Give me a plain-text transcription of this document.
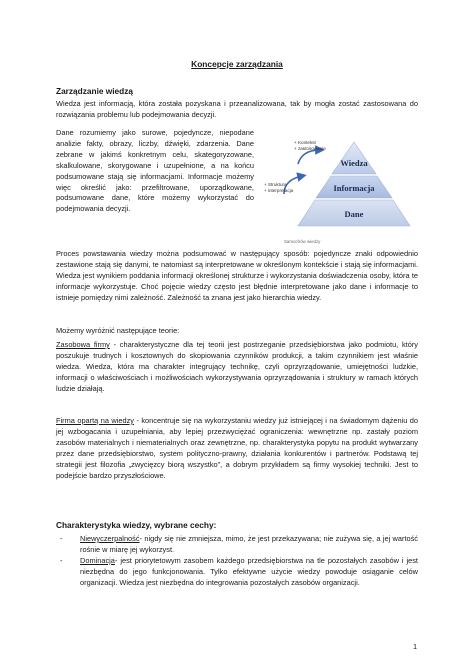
Koncepcje zarządzania
Zarządzanie wiedzą
Wiedza jest informacją, która została pozyskana i przeanalizowana, tak by mogła zostać zastosowana do rozwiązania problemu lub podejmowania decyzji.
Dane rozumiemy jako surowe, pojedyncze, niepodane analizie fakty, obrazy, liczby, dźwięki, zdarzenia. Dane zebrane w jakimś konkretnym celu, skategoryzowane, skalkulowane, skorygowane i uzupełnione, a na końcu podsumowane stają się informacjami. Informacje możemy więc określić jako: przefiltrowane, uporządkowane, podsumowane dane, które możemy wykorzystać do podejmowania decyzji.
Wiedza
Informacja
Dane
+ Kontekst
+ zastosowanie
+ Struktura
+ interpretacja
Samochów wiedzy
Proces powstawania wiedzy można podsumować w następujący sposób: pojedyncze znaki odpowiednio zestawione stają się danymi, te natomiast są interpretowane w określonym kontekście i stają się informacjami. Wiedza jest wynikiem poddania informacji określonej strukturze i wykorzystania doświadczenia osoby, która te informacje wykorzystuje. Choć pojęcie wiedzy często jest błędnie interpretowane jako dane i informacje to istnieje pomiędzy nimi zależność. Zależność ta znana jest jako hierarchia wiedzy.
Możemy wyróżnić następujące teorie:
Zasobowa firmy - charakterystyczne dla tej teorii jest postrzeganie przedsiębiorstwa jako podmiotu, który poszukuje trudnych i kosztownych do skopiowania czynników produkcji, a takim czynnikiem jest właśnie wiedza. Wiedza, która ma charakter integrujący technikę, czyli oprzyrządowanie, umiejętności ludzkie, informacji o właściwościach i możliwościach wykorzystywania oprzyrządowania i struktury w ramach których ludzie działają.
Firma opartą na wiedzy - koncentruje się na wykorzystaniu wiedzy już istniejącej i na świadomym dążeniu do jej wzbogacania i uzupełniania, aby lepiej przezwyciężać ograniczenia: wewnętrzne np. zastały poziom zasobów materialnych i niematerialnych oraz zewnętrzne, np. charakterystyka popytu na produkt wytwarzany przez dane przedsiębiorstwo, system polityczno-prawny, działania konkurentów i partnerów. Podstawą tej strategii jest filozofia „zwycięzcy biorą wszystko”, a dobrym przykładem są firmy wysokiej techniki. Jest to podejście bardzo przyszłościowe.
Charakterystyka wiedzy, wybrane cechy:
- Niewyczerpalność- nigdy się nie zmniejsza, mimo, że jest przekazywana; nie zużywa się, a jej wartość rośnie w miarę jej wykorzyst.
- Dominacja- jest priorytetowym zasobem każdego przedsiębiorstwa na tle pozostałych zasobów i jest niezbędna do jego funkcjonowania. Tylko efektywne użycie wiedzy powoduje osiąganie celów organizacji. Wiedza jest niezbędna do integrowania pozostałych zasobów organizacji.
1
